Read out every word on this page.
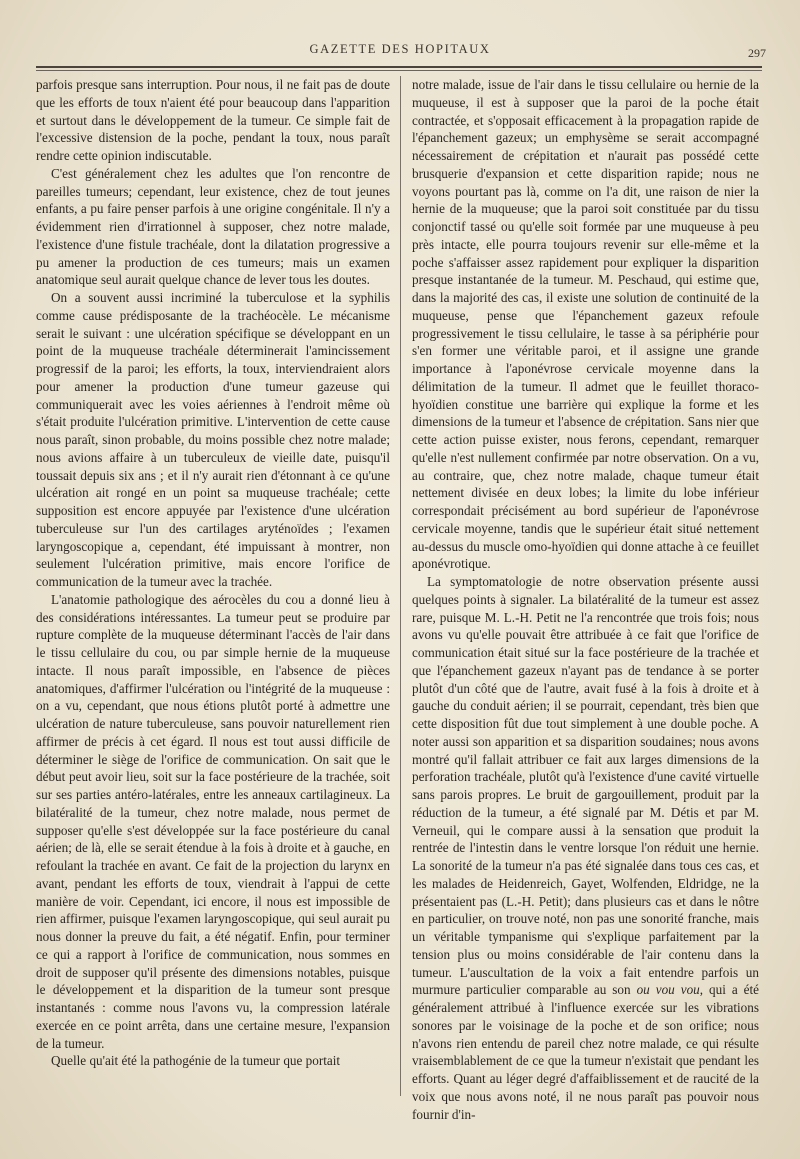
GAZETTE DES HOPITAUX	297

parfois presque sans interruption. Pour nous, il ne fait pas de doute que les efforts de toux n'aient été pour beaucoup dans l'apparition et surtout dans le développement de la tumeur. Ce simple fait de l'excessive distension de la poche, pendant la toux, nous paraît rendre cette opinion indiscutable.

C'est généralement chez les adultes que l'on rencontre de pareilles tumeurs; cependant, leur existence, chez de tout jeunes enfants, a pu faire penser parfois à une origine congénitale. Il n'y a évidemment rien d'irrationnel à supposer, chez notre malade, l'existence d'une fistule trachéale, dont la dilatation progressive a pu amener la production de ces tumeurs; mais un examen anatomique seul aurait quelque chance de lever tous les doutes.

On a souvent aussi incriminé la tuberculose et la syphilis comme cause prédisposante de la trachéocèle. Le mécanisme serait le suivant : une ulcération spécifique se développant en un point de la muqueuse trachéale déterminerait l'amincissement progressif de la paroi; les efforts, la toux, interviendraient alors pour amener la production d'une tumeur gazeuse qui communiquerait avec les voies aériennes à l'endroit même où s'était produite l'ulcération primitive. L'intervention de cette cause nous paraît, sinon probable, du moins possible chez notre malade; nous avions affaire à un tuberculeux de vieille date, puisqu'il toussait depuis six ans ; et il n'y aurait rien d'étonnant à ce qu'une ulcération ait rongé en un point sa muqueuse trachéale; cette supposition est encore appuyée par l'existence d'une ulcération tuberculeuse sur l'un des cartilages aryténoïdes ; l'examen laryngoscopique a, cependant, été impuissant à montrer, non seulement l'ulcération primitive, mais encore l'orifice de communication de la tumeur avec la trachée.

L'anatomie pathologique des aérocèles du cou a donné lieu à des considérations intéressantes. La tumeur peut se produire par rupture complète de la muqueuse déterminant l'accès de l'air dans le tissu cellulaire du cou, ou par simple hernie de la muqueuse intacte. Il nous paraît impossible, en l'absence de pièces anatomiques, d'affirmer l'ulcération ou l'intégrité de la muqueuse : on a vu, cependant, que nous étions plutôt porté à admettre une ulcération de nature tuberculeuse, sans pouvoir naturellement rien affirmer de précis à cet égard. Il nous est tout aussi difficile de déterminer le siège de l'orifice de communication. On sait que le début peut avoir lieu, soit sur la face postérieure de la trachée, soit sur ses parties antéro-latérales, entre les anneaux cartilagineux. La bilatéralité de la tumeur, chez notre malade, nous permet de supposer qu'elle s'est développée sur la face postérieure du canal aérien; de là, elle se serait étendue à la fois à droite et à gauche, en refoulant la trachée en avant. Ce fait de la projection du larynx en avant, pendant les efforts de toux, viendrait à l'appui de cette manière de voir. Cependant, ici encore, il nous est impossible de rien affirmer, puisque l'examen laryngoscopique, qui seul aurait pu nous donner la preuve du fait, a été négatif. Enfin, pour terminer ce qui a rapport à l'orifice de communication, nous sommes en droit de supposer qu'il présente des dimensions notables, puisque le développement et la disparition de la tumeur sont presque instantanés : comme nous l'avons vu, la compression latérale exercée en ce point arrêta, dans une certaine mesure, l'expansion de la tumeur.

Quelle qu'ait été la pathogénie de la tumeur que portait

notre malade, issue de l'air dans le tissu cellulaire ou hernie de la muqueuse, il est à supposer que la paroi de la poche était contractée, et s'opposait efficacement à la propagation rapide de l'épanchement gazeux; un emphysème se serait accompagné nécessairement de crépitation et n'aurait pas possédé cette brusquerie d'expansion et cette disparition rapide; nous ne voyons pourtant pas là, comme on l'a dit, une raison de nier la hernie de la muqueuse; que la paroi soit constituée par du tissu conjonctif tassé ou qu'elle soit formée par une muqueuse à peu près intacte, elle pourra toujours revenir sur elle-même et la poche s'affaisser assez rapidement pour expliquer la disparition presque instantanée de la tumeur. M. Peschaud, qui estime que, dans la majorité des cas, il existe une solution de continuité de la muqueuse, pense que l'épanchement gazeux refoule progressivement le tissu cellulaire, le tasse à sa périphérie pour s'en former une véritable paroi, et il assigne une grande importance à l'aponévrose cervicale moyenne dans la délimitation de la tumeur. Il admet que le feuillet thoraco-hyoïdien constitue une barrière qui explique la forme et les dimensions de la tumeur et l'absence de crépitation. Sans nier que cette action puisse exister, nous ferons, cependant, remarquer qu'elle n'est nullement confirmée par notre observation. On a vu, au contraire, que, chez notre malade, chaque tumeur était nettement divisée en deux lobes; la limite du lobe inférieur correspondait précisément au bord supérieur de l'aponévrose cervicale moyenne, tandis que le supérieur était situé nettement au-dessus du muscle omo-hyoïdien qui donne attache à ce feuillet aponévrotique.

La symptomatologie de notre observation présente aussi quelques points à signaler. La bilatéralité de la tumeur est assez rare, puisque M. L.-H. Petit ne l'a rencontrée que trois fois; nous avons vu qu'elle pouvait être attribuée à ce fait que l'orifice de communication était situé sur la face postérieure de la trachée et que l'épanchement gazeux n'ayant pas de tendance à se porter plutôt d'un côté que de l'autre, avait fusé à la fois à droite et à gauche du conduit aérien; il se pourrait, cependant, très bien que cette disposition fût due tout simplement à une double poche. A noter aussi son apparition et sa disparition soudaines; nous avons montré qu'il fallait attribuer ce fait aux larges dimensions de la perforation trachéale, plutôt qu'à l'existence d'une cavité virtuelle sans parois propres. Le bruit de gargouillement, produit par la réduction de la tumeur, a été signalé par M. Détis et par M. Verneuil, qui le compare aussi à la sensation que produit la rentrée de l'intestin dans le ventre lorsque l'on réduit une hernie. La sonorité de la tumeur n'a pas été signalée dans tous ces cas, et les malades de Heidenreich, Gayet, Wolfenden, Eldridge, ne la présentaient pas (L.-H. Petit); dans plusieurs cas et dans le nôtre en particulier, on trouve noté, non pas une sonorité franche, mais un véritable tympanisme qui s'explique parfaitement par la tension plus ou moins considérable de l'air contenu dans la tumeur. L'auscultation de la voix a fait entendre parfois un murmure particulier comparable au son ou vou vou, qui a été généralement attribué à l'influence exercée sur les vibrations sonores par le voisinage de la poche et de son orifice; nous n'avons rien entendu de pareil chez notre malade, ce qui résulte vraisemblablement de ce que la tumeur n'existait que pendant les efforts. Quant au léger degré d'affaiblissement et de raucité de la voix que nous avons noté, il ne nous paraît pas pouvoir nous fournir d'in-
